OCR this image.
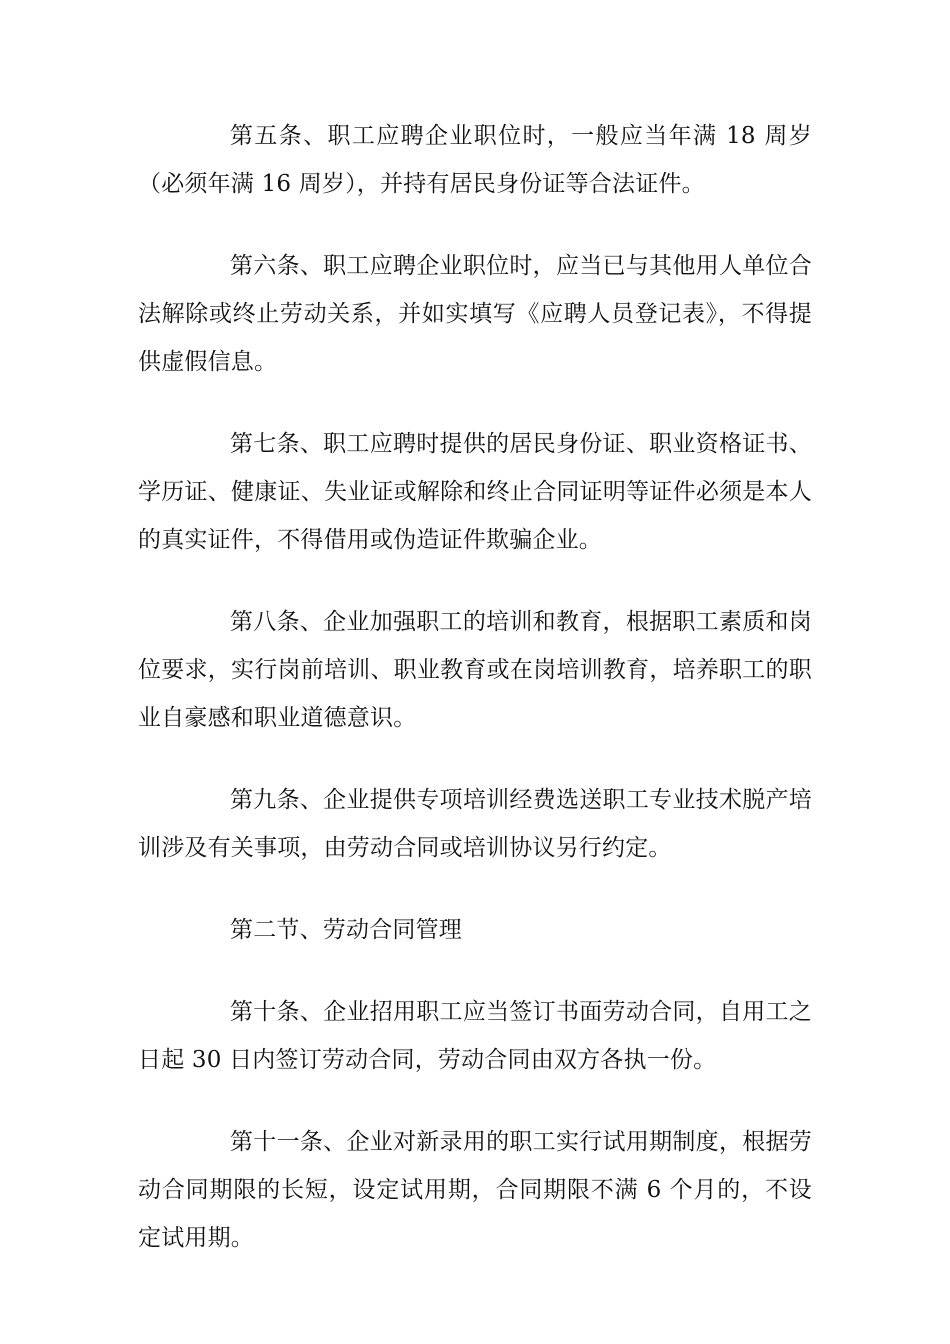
第五条、职工应聘企业职位时，一般应当年满 18 周岁（必须年满 16 周岁），并持有居民身份证等合法证件。

第六条、职工应聘企业职位时，应当已与其他用人单位合法解除或终止劳动关系，并如实填写《应聘人员登记表》，不得提供虚假信息。

第七条、职工应聘时提供的居民身份证、职业资格证书、学历证、健康证、失业证或解除和终止合同证明等证件必须是本人的真实证件，不得借用或伪造证件欺骗企业。

第八条、企业加强职工的培训和教育，根据职工素质和岗位要求，实行岗前培训、职业教育或在岗培训教育，培养职工的职业自豪感和职业道德意识。

第九条、企业提供专项培训经费选送职工专业技术脱产培训涉及有关事项，由劳动合同或培训协议另行约定。

第二节、劳动合同管理

第十条、企业招用职工应当签订书面劳动合同，自用工之日起 30 日内签订劳动合同，劳动合同由双方各执一份。

第十一条、企业对新录用的职工实行试用期制度，根据劳动合同期限的长短，设定试用期，合同期限不满 6 个月的，不设定试用期。
